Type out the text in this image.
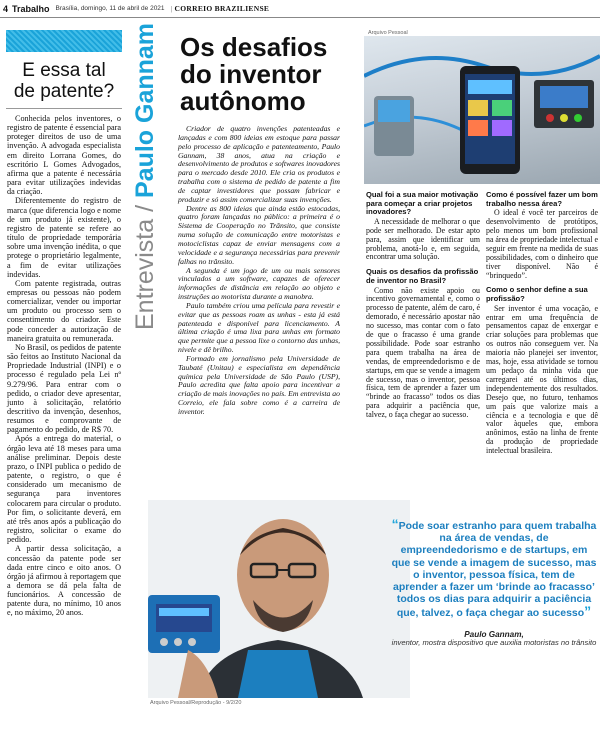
4 Trabalho Brasília, domingo, 11 de abril de 2021
|	CORREIO BRAZILIENSE
E essa tal de patente?

Conhecida pelos inventores, o registro de patente é essencial para proteger direitos de uso de uma invenção. A advogada especialista em direito Lorrana Gomes, do escritório L Gomes Advogados, afirma que a patente é necessária para evitar utilizações indevidas da criação.

Diferentemente do registro de marca (que diferencia logo e nome de um produto já existente), o registro de patente se refere ao título de propriedade temporária sobre uma invenção inédita, o que protege o proprietário legalmente, a fim de evitar utilizações indevidas.

Com patente registrada, outras empresas ou pessoas não podem comercializar, vender ou importar um produto ou processo sem o consentimento do criador. Este pode conceder a autorização de maneira gratuita ou remunerada.

No Brasil, os pedidos de patente são feitos ao Instituto Nacional da Propriedade Industrial (INPI) e o processo é regulado pela Lei nº 9.279/96. Para entrar com o pedido, o criador deve apresentar, junto à solicitação, relatório descritivo da invenção, desenhos, resumos e comprovante de pagamento do pedido, de R$ 70.

Após a entrega do material, o órgão leva até 18 meses para uma análise preliminar. Depois deste prazo, o INPI publica o pedido de patente, o registro, o que é considerado um mecanismo de segurança para inventores colocarem para circular o produto. Por fim, o solicitante deverá, em até três anos após a publicação do registro, solicitar o exame do pedido.

A partir dessa solicitação, a concessão da patente pode ser dada entre cinco e oito anos. O órgão já afirmou à reportagem que a demora se dá pela falta de funcionários. A concessão de patente dura, no mínimo, 10 anos e, no máximo, 20 anos.

Entrevista / Paulo Gannam Os desafios do inventor autônomo

Criador de quatro invenções patenteadas e lançadas e com 800 ideias em estoque para passar pelo processo de aplicação e patenteamento, Paulo Gannam, 38 anos, atua na criação e desenvolvimento de produtos e softwares inovadores para o mercado desde 2010. Ele cria os produtos e trabalha com o sistema de pedido de patente a fim de captar investidores que possam fabricar e produzir e só assim comercializar suas invenções.

Dentre as 800 ideias que ainda estão estocadas, quatro foram lançadas no público: a primeira é o Sistema de Cooperação no Trânsito, que consiste numa solução de comunicação entre motoristas e motociclistas capaz de enviar mensagens com a velocidade e a segurança necessárias para prevenir falhas no trânsito.

A segunda é um jogo de um ou mais sensores vinculados a um software, capazes de oferecer informações de distância em relação ao objeto e instruções ao motorista durante a manobra.

Paulo também criou uma película para revestir e evitar que as pessoas roam as unhas - esta já está patenteada e disponível para licenciamento. A última criação é uma lixa para unhas em formato que permite que a pessoa lixe o contorno das unhas, nivele e dê brilho.

Formado em jornalismo pela Universidade de Taubaté (Unitau) e especialista em dependência química pela Universidade de São Paulo (USP), Paulo acredita que falta apoio para incentivar a criação de mais inovações no país. Em entrevista ao Correio, ele fala sobre como é a carreira de inventor.

Arquivo Pessoal
Qual foi a sua maior motivação para começar a criar projetos inovadores?

A necessidade de melhorar o que pode ser melhorado. De estar apto para, assim que identificar um problema, anotá-lo e, em seguida, encontrar uma solução.

Quais os desafios da profissão de inventor no Brasil?

Como não existe apoio ou incentivo governamental e, como o processo de patente, além de caro, é demorado, é necessário apostar não no sucesso, mas contar com o fato de que o fracasso é uma grande possibilidade. Pode soar estranho para quem trabalha na área de vendas, de empreendedorismo e de startups, em que se vende a imagem de sucesso, mas o inventor, pessoa física, tem de aprender a fazer um “brinde ao fracasso” todos os dias para adquirir a paciência que, talvez, o faça chegar ao sucesso.

Como é possível fazer um bom trabalho nessa área?

O ideal é você ter parceiros de desenvolvimento de protótipos, pelo menos um bom profissional na área de propriedade intelectual e seguir em frente na medida de suas possibilidades, com o dinheiro que tiver disponível. Não é “brinquedo”.

Como o senhor define a sua profissão?

Ser inventor é uma vocação, e entrar em uma frequência de pensamentos capaz de enxergar e criar soluções para problemas que os outros não conseguem ver. Na maioria não planejei ser inventor, mas, hoje, essa atividade se tornou um pedaço da minha vida que carregarei até os últimos dias, independentemente dos resultados. Desejo que, no futuro, tenhamos um país que valorize mais a ciência e a tecnologia e que dê valor àqueles que, embora anônimos, estão na linha de frente da produção de propriedade intelectual brasileira.

Arquivo Pessoal/Reprodução - 9/2/20
“Pode soar estranho para quem trabalha na área de vendas, de empreendedorismo e de startups, em que se vende a imagem de sucesso, mas o inventor, pessoa física, tem de aprender a fazer um ‘brinde ao fracasso’ todos os dias para adquirir a paciência que, talvez, o faça chegar ao sucesso”
Paulo Gannam,
inventor, mostra dispositivo que auxilia motoristas no trânsito
